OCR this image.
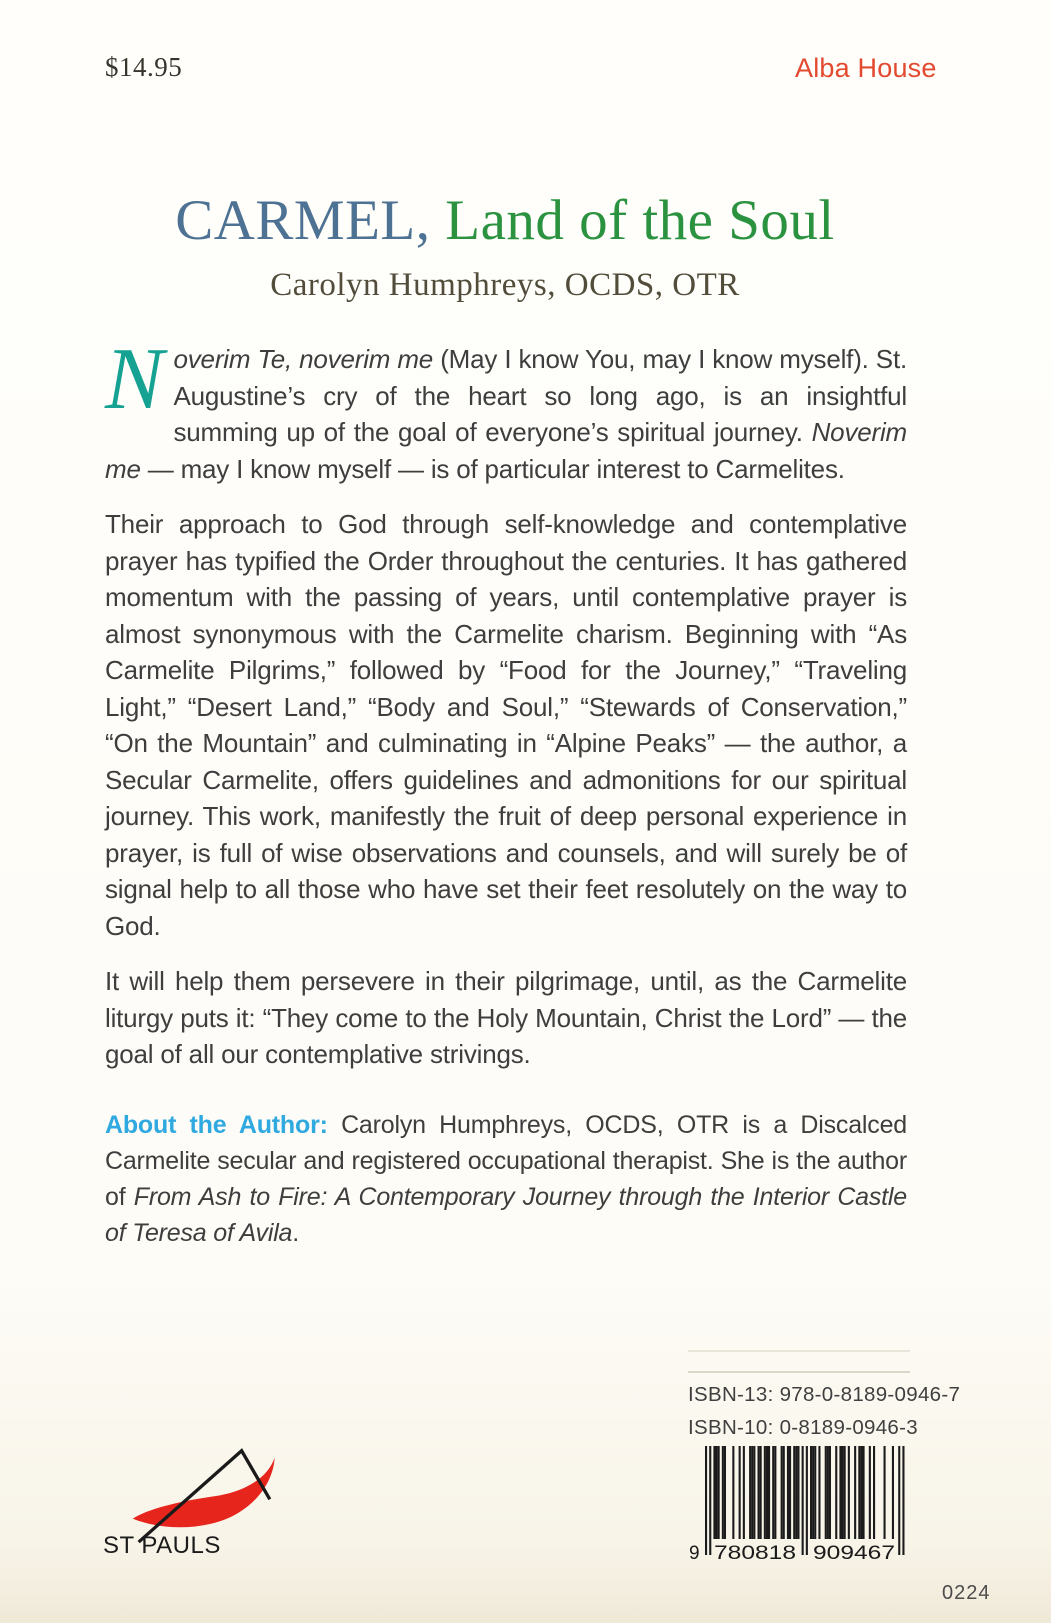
$14.95	Alba House
CARMEL, Land of the Soul
Carolyn Humphreys, OCDS, OTR

Noverim Te, noverim me (May I know You, may I know myself). St. Augustine’s cry of the heart so long ago, is an insightful summing up of the goal of everyone’s spiritual journey. Noverim me — may I know myself — is of particular interest to Carmelites.

Their approach to God through self-knowledge and contemplative prayer has typified the Order throughout the centuries. It has gathered momentum with the passing of years, until contemplative prayer is almost synonymous with the Carmelite charism. Beginning with “As Carmelite Pilgrims,” followed by “Food for the Journey,” “Traveling Light,” “Desert Land,” “Body and Soul,” “Stewards of Conservation,” “On the Mountain” and culminating in “Alpine Peaks” — the author, a Secular Carmelite, offers guidelines and admonitions for our spiritual journey. This work, manifestly the fruit of deep personal experience in prayer, is full of wise observations and counsels, and will surely be of signal help to all those who have set their feet resolutely on the way to God.

It will help them persevere in their pilgrimage, until, as the Carmelite liturgy puts it: “They come to the Holy Mountain, Christ the Lord” — the goal of all our contemplative strivings.

About the Author: Carolyn Humphreys, OCDS, OTR is a Discalced Carmelite secular and registered occupational therapist. She is the author of From Ash to Fire: A Contemporary Journey through the Interior Castle of Teresa of Avila.

ISBN-13: 978-0-8189-0946-7
ISBN-10: 0-8189-0946-3
9 780818 909467
ST PAULS
0224
